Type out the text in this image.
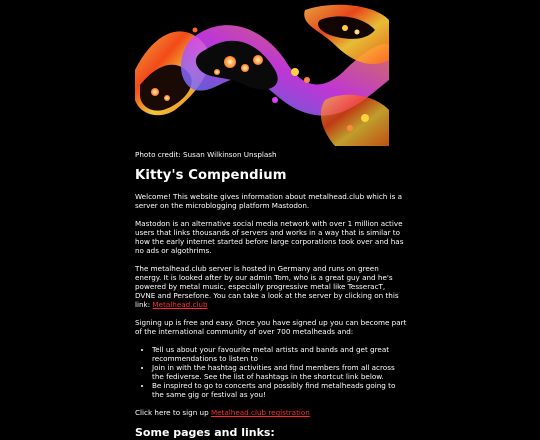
Photo credit: Susan Wilkinson Unsplash

Kitty's Compendium

Welcome! This website gives information about metalhead.club which is a server on the microblogging platform Mastodon.

Mastodon is an alternative social media network with over 1 million active users that links thousands of servers and works in a way that is similar to how the early internet started before large corporations took over and has no ads or algothrims.

The metalhead.club server is hosted in Germany and runs on green energy. It is looked after by our admin Tom, who is a great guy and he's powered by metal music, especially progressive metal like TesseracT, DVNE and Persefone. You can take a look at the server by clicking on this link: Metalhead.club

Signing up is free and easy. Once you have signed up you can become part of the international community of over 700 metalheads and:

• Tell us about your favourite metal artists and bands and get great recommendations to listen to
• Join in with the hashtag activities and find members from all across the fediverse. See the list of hashtags in the shortcut link below.
• Be inspired to go to concerts and possibly find metalheads going to the same gig or festival as you!

Click here to sign up Metalhead.club registration

Some pages and links:
